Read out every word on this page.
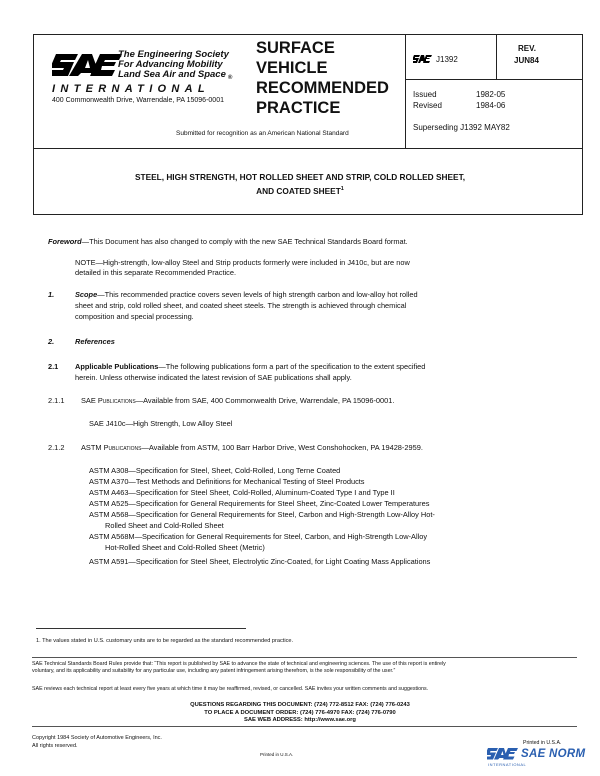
The Engineering Society
For Advancing Mobility
Land Sea Air and Space $_®$
INTERNATIONAL
400 Commonwealth Drive, Warrendale, PA 15096-0001
SURFACE
VEHICLE
RECOMMENDED
PRACTICE
Submitted for recognition as an American National Standard
J1392
REV.
JUN84
Issued	1982-05
Revised	1984-06
Superseding J1392 MAY82
STEEL, HIGH STRENGTH, HOT ROLLED SHEET AND STRIP, COLD ROLLED SHEET,
AND COATED SHEET$^1$
Foreword—This Document has also changed to comply with the new SAE Technical Standards Board format.
NOTE—High-strength, low-alloy Steel and Strip products formerly were included in J410c, but are now
detailed in this separate Recommended Practice.
1.	Scope—This recommended practice covers seven levels of high strength carbon and low-alloy hot rolled
sheet and strip, cold rolled sheet, and coated sheet steels. The strength is achieved through chemical
composition and special processing.
2.	References
2.1 Applicable Publications—The following publications form a part of the specification to the extent specified
herein. Unless otherwise indicated the latest revision of SAE publications shall apply.
2.1.1 SAE Publications—Available from SAE, 400 Commonwealth Drive, Warrendale, PA 15096-0001.
SAE J410c—High Strength, Low Alloy Steel
2.1.2 ASTM Publications—Available from ASTM, 100 Barr Harbor Drive, West Conshohocken, PA 19428-2959.
ASTM A308—Specification for Steel, Sheet, Cold-Rolled, Long Terne Coated
ASTM A370—Test Methods and Definitions for Mechanical Testing of Steel Products
ASTM A463—Specification for Steel Sheet, Cold-Rolled, Aluminum-Coated Type I and Type II
ASTM A525—Specification for General Requirements for Steel Sheet, Zinc-Coated Lower Temperatures
ASTM A568—Specification for General Requirements for Steel, Carbon and High-Strength Low-Alloy Hot-
Rolled Sheet and Cold-Rolled Sheet
ASTM A568M—Specification for General Requirements for Steel, Carbon, and High-Strength Low-Alloy
Hot-Rolled Sheet and Cold-Rolled Sheet (Metric)
ASTM A591—Specification for Steel Sheet, Electrolytic Zinc-Coated, for Light Coating Mass Applications
1. The values stated in U.S. customary units are to be regarded as the standard recommended practice.
SAE Technical Standards Board Rules provide that: “This report is published by SAE to advance the state of technical and engineering sciences. The use of this report is entirely
voluntary, and its applicability and suitability for any particular use, including any patent infringement arising therefrom, is the sole responsibility of the user.”
SAE reviews each technical report at least every five years at which time it may be reaffirmed, revised, or cancelled. SAE invites your written comments and suggestions.
QUESTIONS REGARDING THIS DOCUMENT: (724) 772-8512 FAX: (724) 776-0243
TO PLACE A DOCUMENT ORDER: (724) 776-4970 FAX: (724) 776-0790
SAE WEB ADDRESS: http://www.sae.org
Copyright 1984 Society of Automotive Engineers, Inc.
All rights reserved.
Printed in U.S.A.
Printed in U.S.A.
SAE NORM
INTERNATIONAL
